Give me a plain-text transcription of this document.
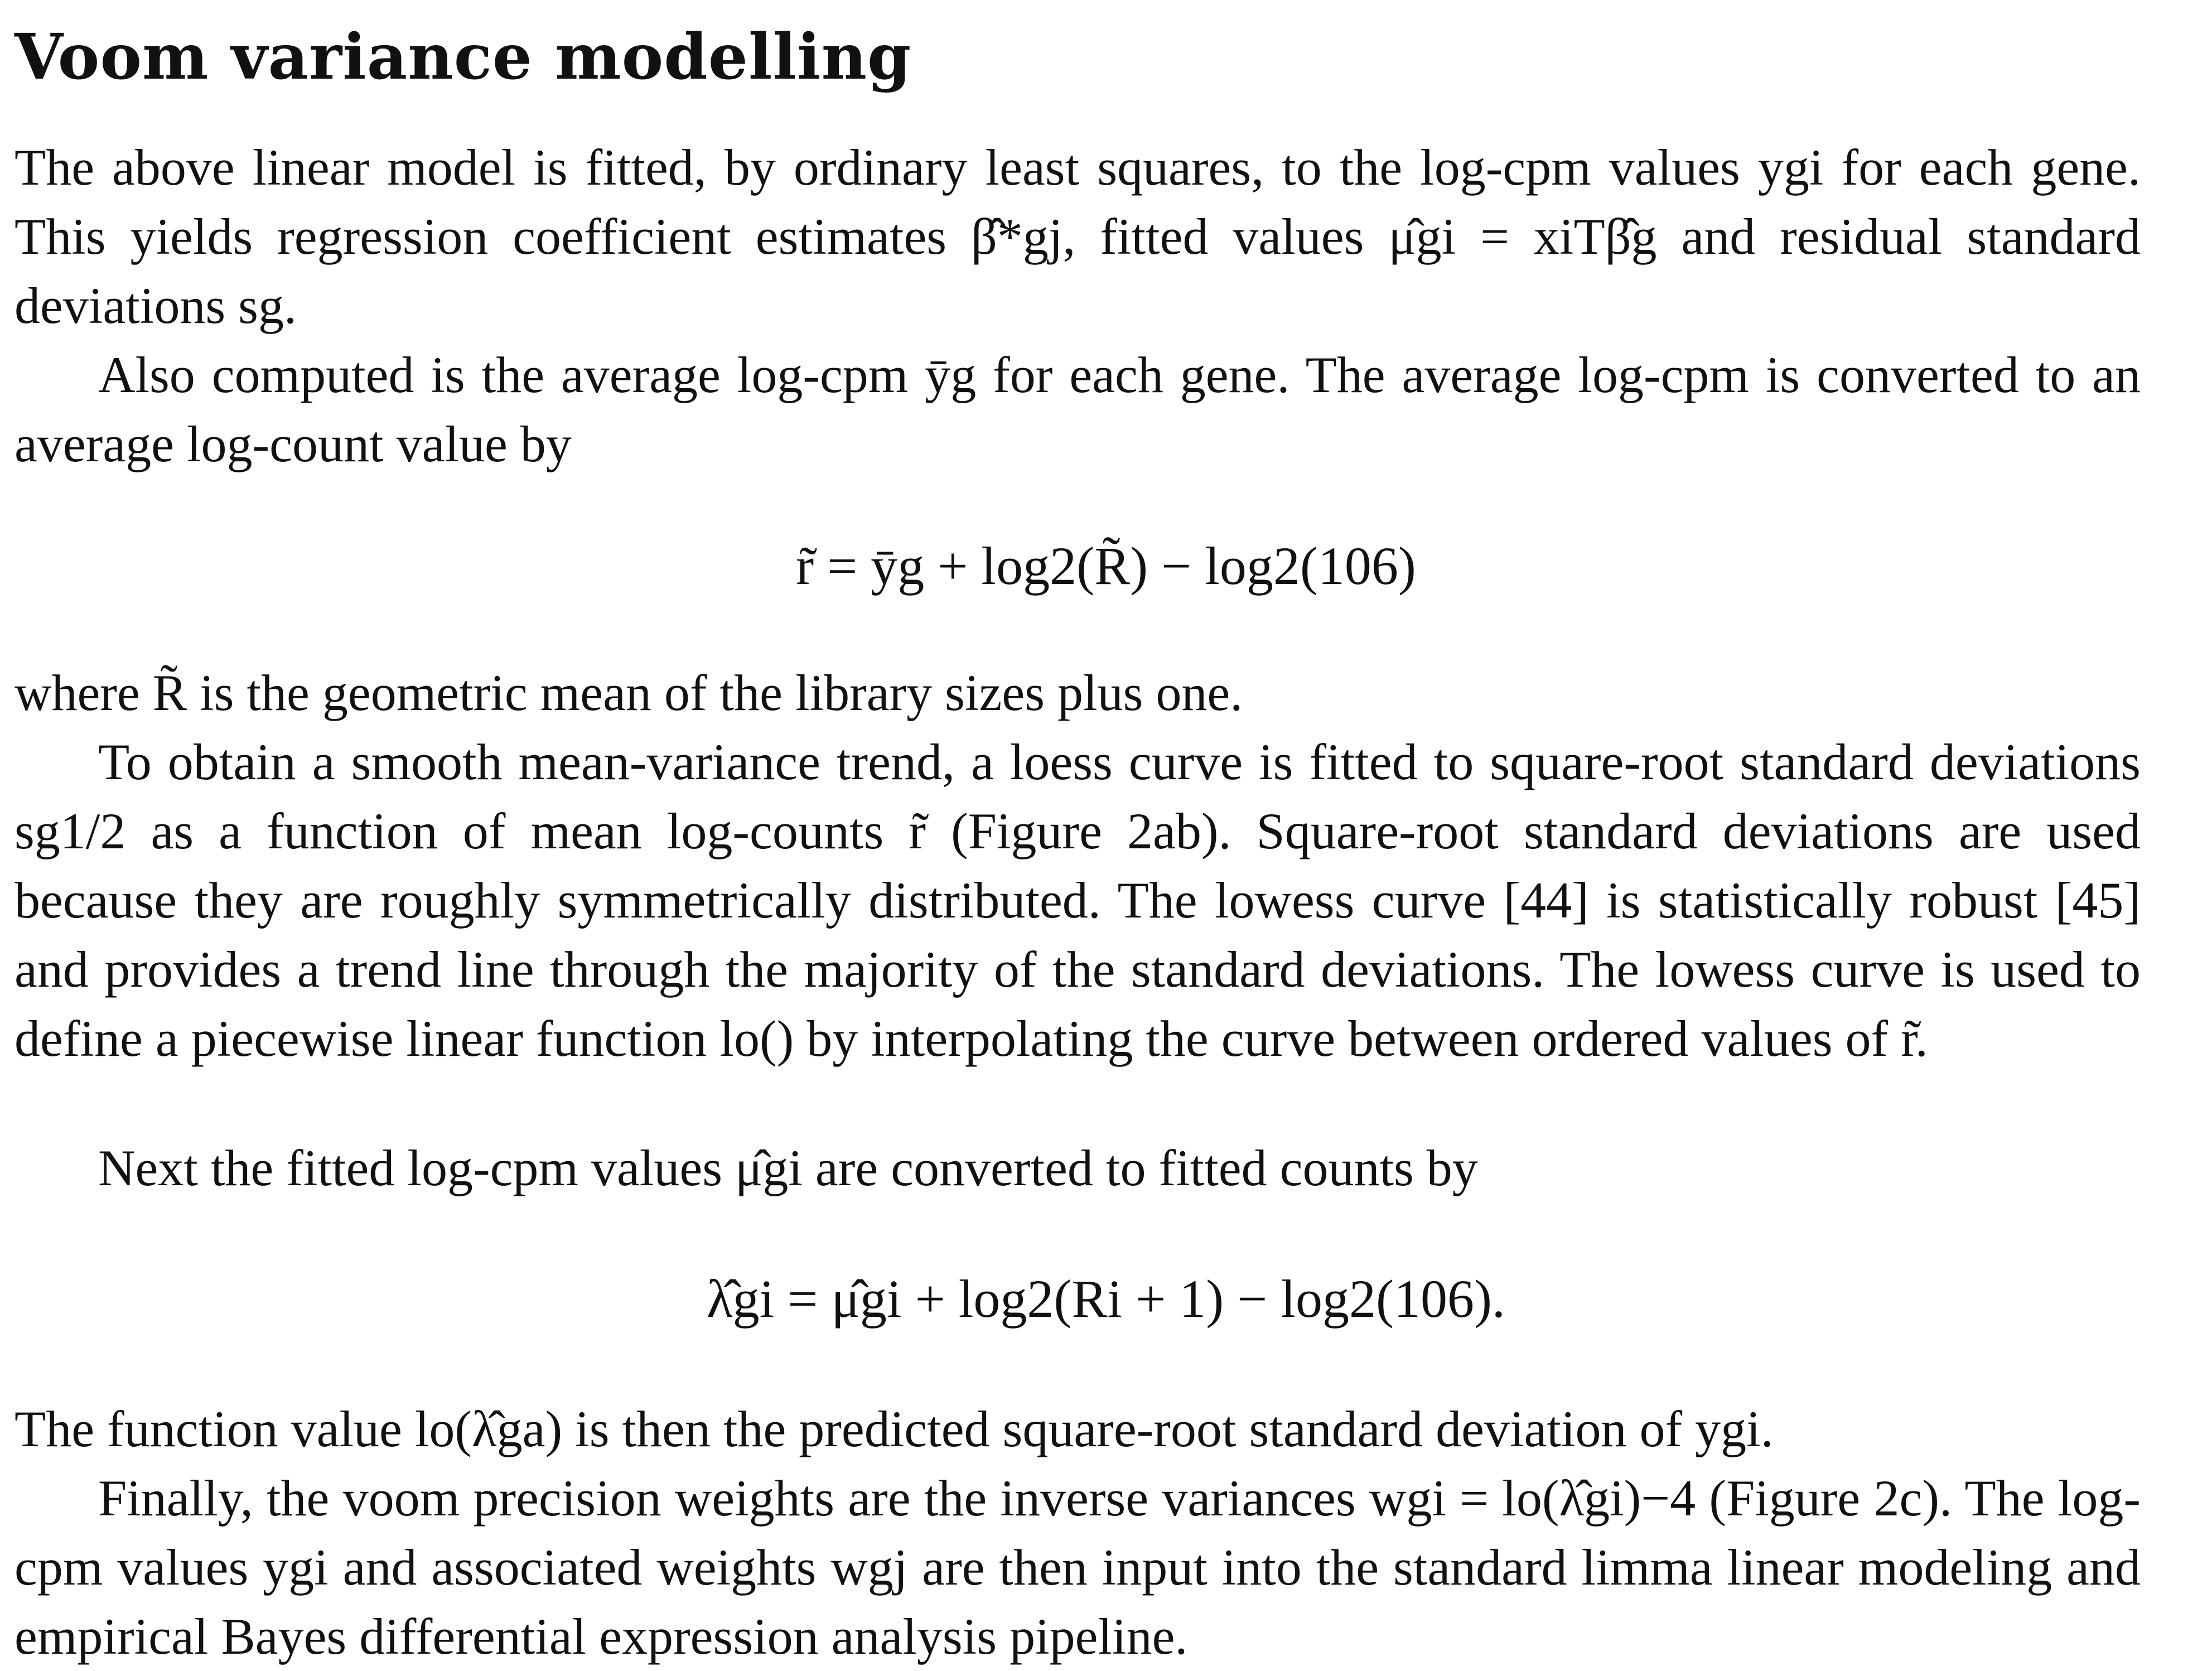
Voom variance modelling
The above linear model is fitted, by ordinary least squares, to the log-cpm values ygi for each gene. This yields regression coefficient estimates β̂*gj, fitted values μ̂gi = xiTβ̂g and residual standard deviations sg.
Also computed is the average log-cpm ȳg for each gene. The average log-cpm is converted to an average log-count value by
r̃ = ȳg + log2(R̃) − log2(106)
where R̃ is the geometric mean of the library sizes plus one.
To obtain a smooth mean-variance trend, a loess curve is fitted to square-root standard deviations sg1/2 as a function of mean log-counts r̃ (Figure 2ab). Square-root standard deviations are used because they are roughly symmetrically distributed. The lowess curve [44] is statistically robust [45] and provides a trend line through the majority of the standard deviations. The lowess curve is used to define a piecewise linear function lo() by interpolating the curve between ordered values of r̃.
Next the fitted log-cpm values μ̂gi are converted to fitted counts by
λ̂gi = μ̂gi + log2(Ri + 1) − log2(106).
The function value lo(λ̂ga) is then the predicted square-root standard deviation of ygi.
Finally, the voom precision weights are the inverse variances wgi = lo(λ̂gi)−4 (Figure 2c). The log-cpm values ygi and associated weights wgj are then input into the standard limma linear modeling and empirical Bayes differential expression analysis pipeline.
